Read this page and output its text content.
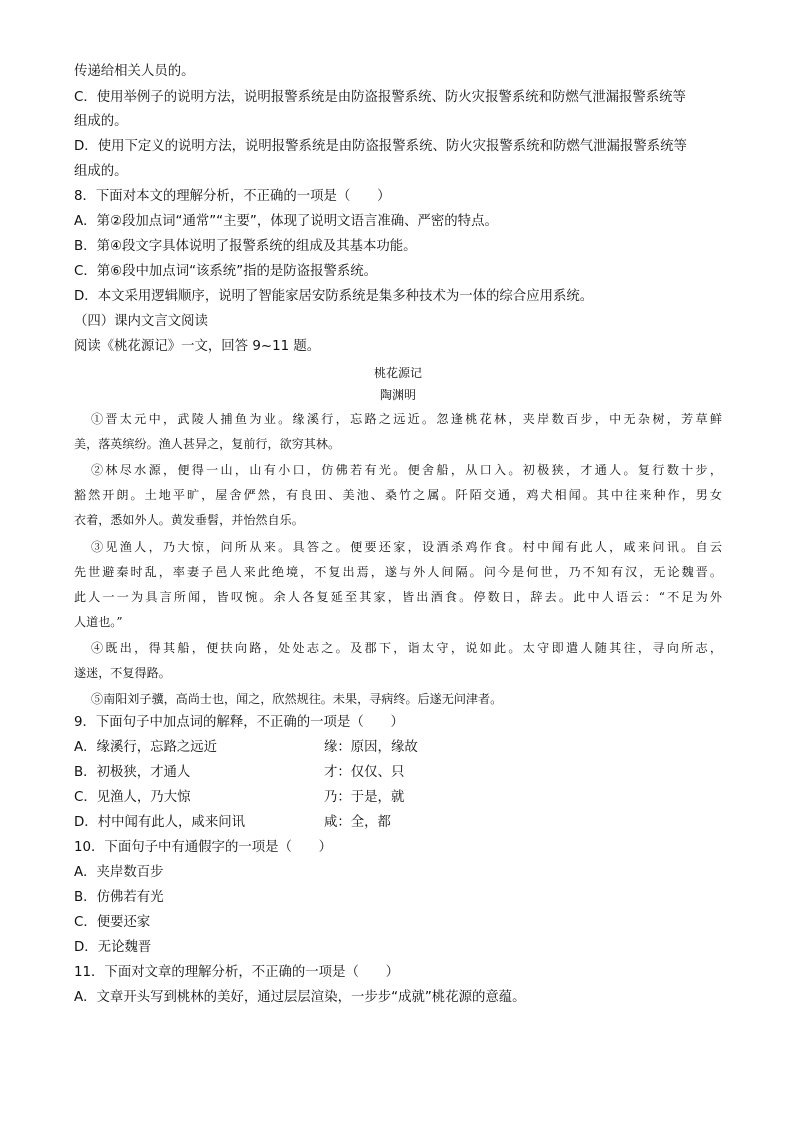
传递给相关人员的。

C．使用举例子的说明方法，说明报警系统是由防盗报警系统、防火灾报警系统和防燃气泄漏报警系统等

组成的。

D．使用下定义的说明方法，说明报警系统是由防盗报警系统、防火灾报警系统和防燃气泄漏报警系统等

组成的。

8．下面对本文的理解分析，不正确的一项是（　　）

A．第②段加点词“通常”“主要”，体现了说明文语言准确、严密的特点。

B．第④段文字具体说明了报警系统的组成及其基本功能。

C．第⑥段中加点词“该系统”指的是防盗报警系统。

D．本文采用逻辑顺序，说明了智能家居安防系统是集多种技术为一体的综合应用系统。

（四）课内文言文阅读

阅读《桃花源记》一文，回答 9~11 题。

桃花源记

陶渊明

①晋太元中，武陵人捕鱼为业。缘溪行，忘路之远近。忽逢桃花林，夹岸数百步，中无杂树，芳草鲜

美，落英缤纷。渔人甚异之，复前行，欲穷其林。

②林尽水源，便得一山，山有小口，仿佛若有光。便舍船，从口入。初极狭，才通人。复行数十步，

豁然开朗。土地平旷，屋舍俨然，有良田、美池、桑竹之属。阡陌交通，鸡犬相闻。其中往来种作，男女

衣着，悉如外人。黄发垂髫，并怡然自乐。

③见渔人，乃大惊，问所从来。具答之。便要还家，设酒杀鸡作食。村中闻有此人，咸来问讯。自云

先世避秦时乱，率妻子邑人来此绝境，不复出焉，遂与外人间隔。问今是何世，乃不知有汉，无论魏晋。

此人一一为具言所闻，皆叹惋。余人各复延至其家，皆出酒食。停数日，辞去。此中人语云：“不足为外

人道也。”

④既出，得其船，便扶向路，处处志之。及郡下，诣太守，说如此。太守即遣人随其往，寻向所志，

遂迷，不复得路。

⑤南阳刘子骥，高尚士也，闻之，欣然规往。未果，寻病终。后遂无问津者。

9．下面句子中加点词的解释，不正确的一项是（　　）

A．缘溪行，忘路之远近	缘：原因，缘故
B．初极狭，才通人	才：仅仅、只
C．见渔人，乃大惊	乃：于是，就
D．村中闻有此人，咸来问讯	咸：全，都

10．下面句子中有通假字的一项是（　　）

A．夹岸数百步

B．仿佛若有光

C．便要还家

D．无论魏晋

11．下面对文章的理解分析，不正确的一项是（　　）

A．文章开头写到桃林的美好，通过层层渲染，一步步“成就”桃花源的意蕴。
